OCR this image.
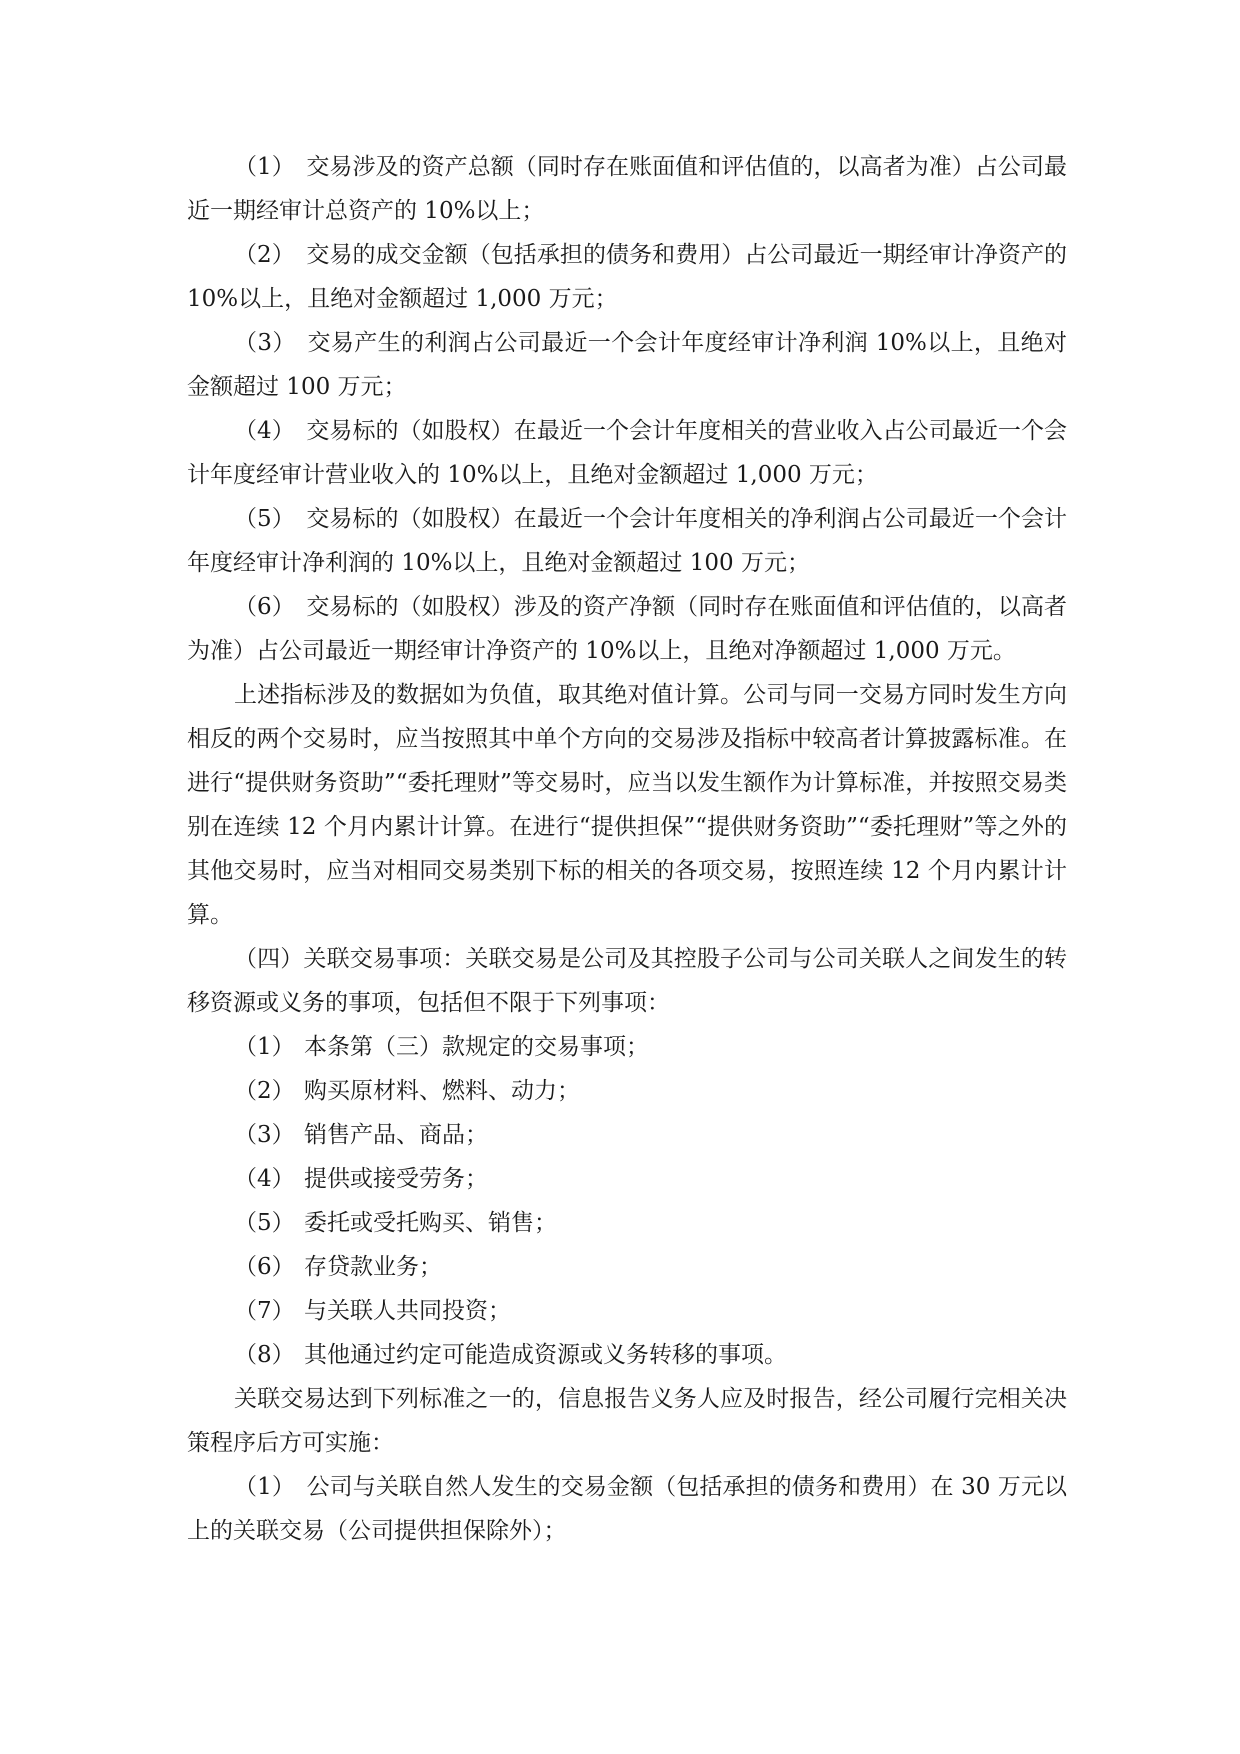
（1）　交易涉及的资产总额（同时存在账面值和评估值的，以高者为准）占公司最近一期经审计总资产的 10%以上；

（2）　交易的成交金额（包括承担的债务和费用）占公司最近一期经审计净资产的 10%以上，且绝对金额超过 1,000 万元；

（3）　交易产生的利润占公司最近一个会计年度经审计净利润 10%以上，且绝对金额超过 100 万元；

（4）　交易标的（如股权）在最近一个会计年度相关的营业收入占公司最近一个会计年度经审计营业收入的 10%以上，且绝对金额超过 1,000 万元；

（5）　交易标的（如股权）在最近一个会计年度相关的净利润占公司最近一个会计年度经审计净利润的 10%以上，且绝对金额超过 100 万元；

（6）　交易标的（如股权）涉及的资产净额（同时存在账面值和评估值的，以高者为准）占公司最近一期经审计净资产的 10%以上，且绝对净额超过 1,000 万元。

上述指标涉及的数据如为负值，取其绝对值计算。公司与同一交易方同时发生方向相反的两个交易时，应当按照其中单个方向的交易涉及指标中较高者计算披露标准。在进行“提供财务资助”“委托理财”等交易时，应当以发生额作为计算标准，并按照交易类别在连续 12 个月内累计计算。在进行“提供担保”“提供财务资助”“委托理财”等之外的其他交易时，应当对相同交易类别下标的相关的各项交易，按照连续 12 个月内累计计算。

（四）关联交易事项：关联交易是公司及其控股子公司与公司关联人之间发生的转移资源或义务的事项，包括但不限于下列事项：

（1） 本条第（三）款规定的交易事项；

（2） 购买原材料、燃料、动力；

（3） 销售产品、商品；

（4） 提供或接受劳务；

（5） 委托或受托购买、销售；

（6） 存贷款业务；

（7） 与关联人共同投资；

（8） 其他通过约定可能造成资源或义务转移的事项。

关联交易达到下列标准之一的，信息报告义务人应及时报告，经公司履行完相关决策程序后方可实施：

（1）　公司与关联自然人发生的交易金额（包括承担的债务和费用）在 30 万元以上的关联交易（公司提供担保除外）；
